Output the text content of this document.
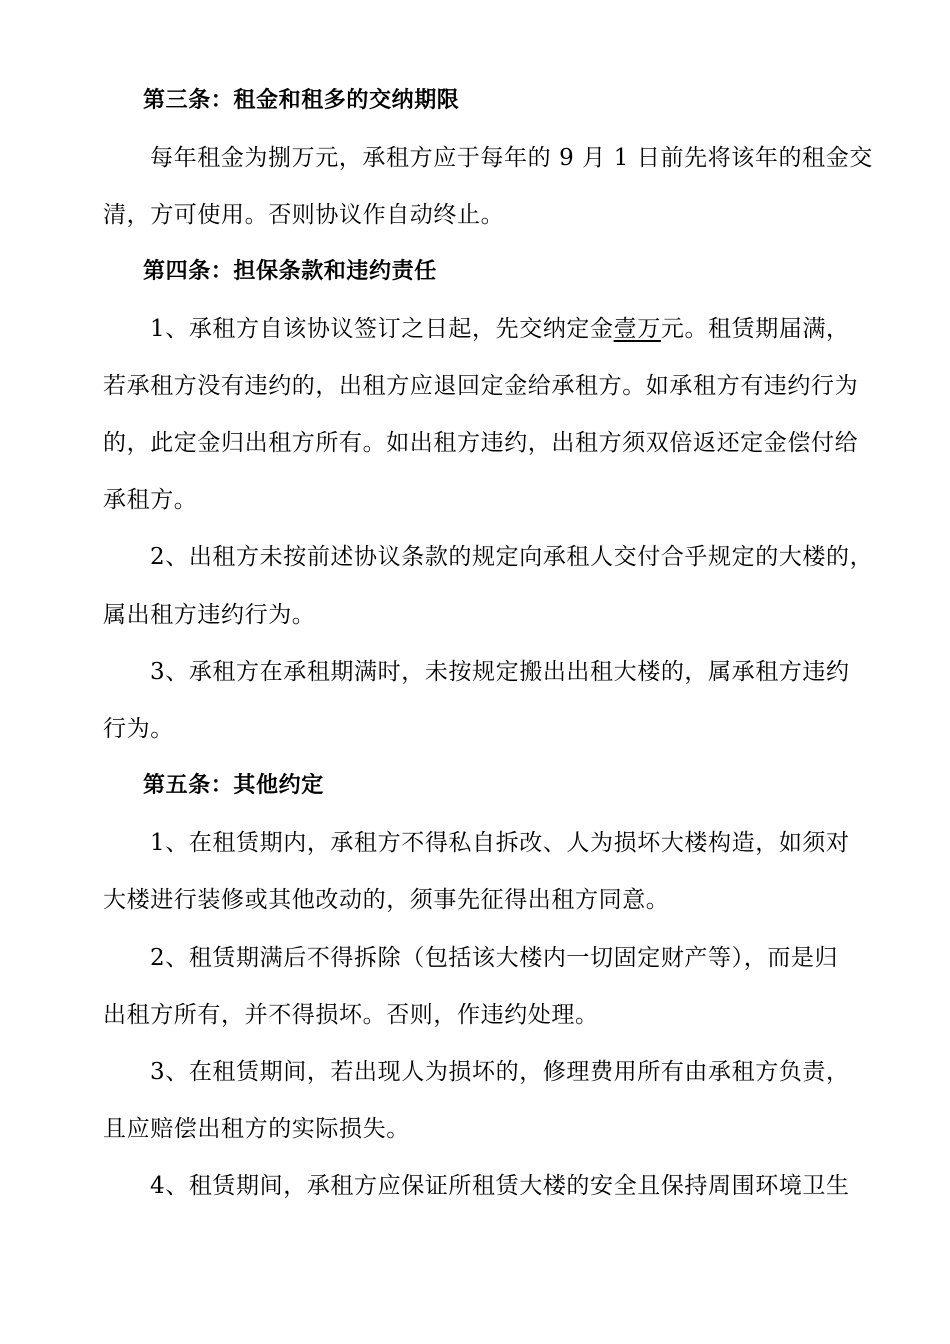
第三条：租金和租多的交纳期限
每年租金为捌万元，承租方应于每年的 9 月 1 日前先将该年的租金交
清，方可使用。否则协议作自动终止。
第四条：担保条款和违约责任
1、承租方自该协议签订之日起，先交纳定金壹万元。租赁期届满，
若承租方没有违约的，出租方应退回定金给承租方。如承租方有违约行为
的，此定金归出租方所有。如出租方违约，出租方须双倍返还定金偿付给
承租方。
2、出租方未按前述协议条款的规定向承租人交付合乎规定的大楼的，
属出租方违约行为。
3、承租方在承租期满时，未按规定搬出出租大楼的，属承租方违约
行为。
第五条：其他约定
1、在租赁期内，承租方不得私自拆改、人为损坏大楼构造，如须对
大楼进行装修或其他改动的，须事先征得出租方同意。
2、租赁期满后不得拆除（包括该大楼内一切固定财产等），而是归
出租方所有，并不得损坏。否则，作违约处理。
3、在租赁期间，若出现人为损坏的，修理费用所有由承租方负责，
且应赔偿出租方的实际损失。
4、租赁期间，承租方应保证所租赁大楼的安全且保持周围环境卫生
